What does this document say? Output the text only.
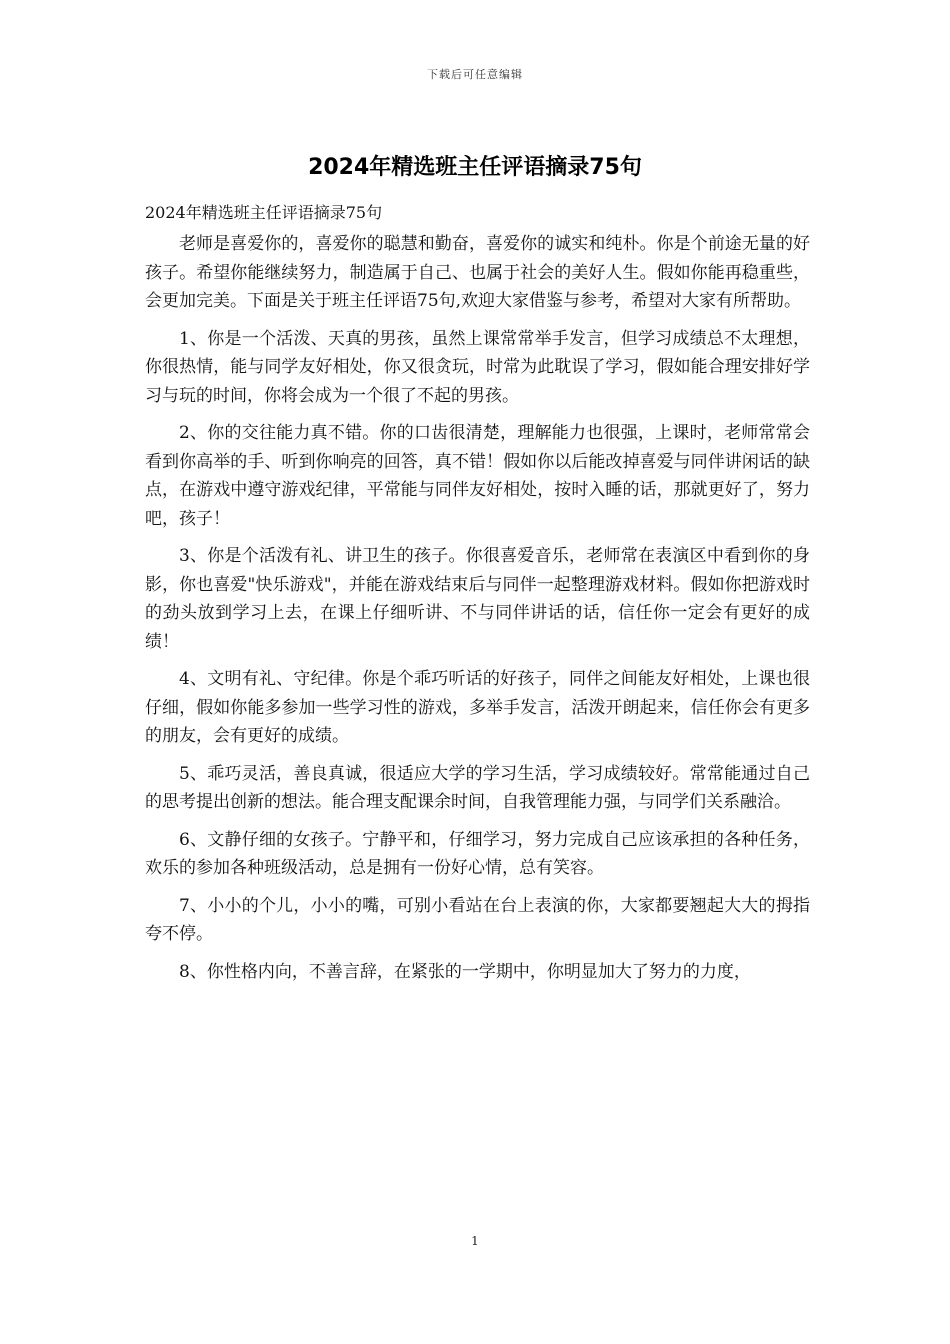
下载后可任意编辑
2024年精选班主任评语摘录75句

2024年精选班主任评语摘录75句

老师是喜爱你的，喜爱你的聪慧和勤奋，喜爱你的诚实和纯朴。你是个前途无量的好孩子。希望你能继续努力，制造属于自己、也属于社会的美好人生。假如你能再稳重些，会更加完美。下面是关于班主任评语75句,欢迎大家借鉴与参考，希望对大家有所帮助。

1、你是一个活泼、天真的男孩，虽然上课常常举手发言，但学习成绩总不太理想，你很热情，能与同学友好相处，你又很贪玩，时常为此耽误了学习，假如能合理安排好学习与玩的时间，你将会成为一个很了不起的男孩。

2、你的交往能力真不错。你的口齿很清楚，理解能力也很强，上课时，老师常常会看到你高举的手、听到你响亮的回答，真不错！假如你以后能改掉喜爱与同伴讲闲话的缺点，在游戏中遵守游戏纪律，平常能与同伴友好相处，按时入睡的话，那就更好了，努力吧，孩子！

3、你是个活泼有礼、讲卫生的孩子。你很喜爱音乐，老师常在表演区中看到你的身影，你也喜爱"快乐游戏"，并能在游戏结束后与同伴一起整理游戏材料。假如你把游戏时的劲头放到学习上去，在课上仔细听讲、不与同伴讲话的话，信任你一定会有更好的成绩！

4、文明有礼、守纪律。你是个乖巧听话的好孩子，同伴之间能友好相处，上课也很仔细，假如你能多参加一些学习性的游戏，多举手发言，活泼开朗起来，信任你会有更多的朋友，会有更好的成绩。

5、乖巧灵活，善良真诚，很适应大学的学习生活，学习成绩较好。常常能通过自己的思考提出创新的想法。能合理支配课余时间，自我管理能力强，与同学们关系融洽。

6、文静仔细的女孩子。宁静平和，仔细学习，努力完成自己应该承担的各种任务，欢乐的参加各种班级活动，总是拥有一份好心情，总有笑容。

7、小小的个儿，小小的嘴，可别小看站在台上表演的你，大家都要翘起大大的拇指夸不停。

8、你性格内向，不善言辞，在紧张的一学期中，你明显加大了努力的力度，

1
